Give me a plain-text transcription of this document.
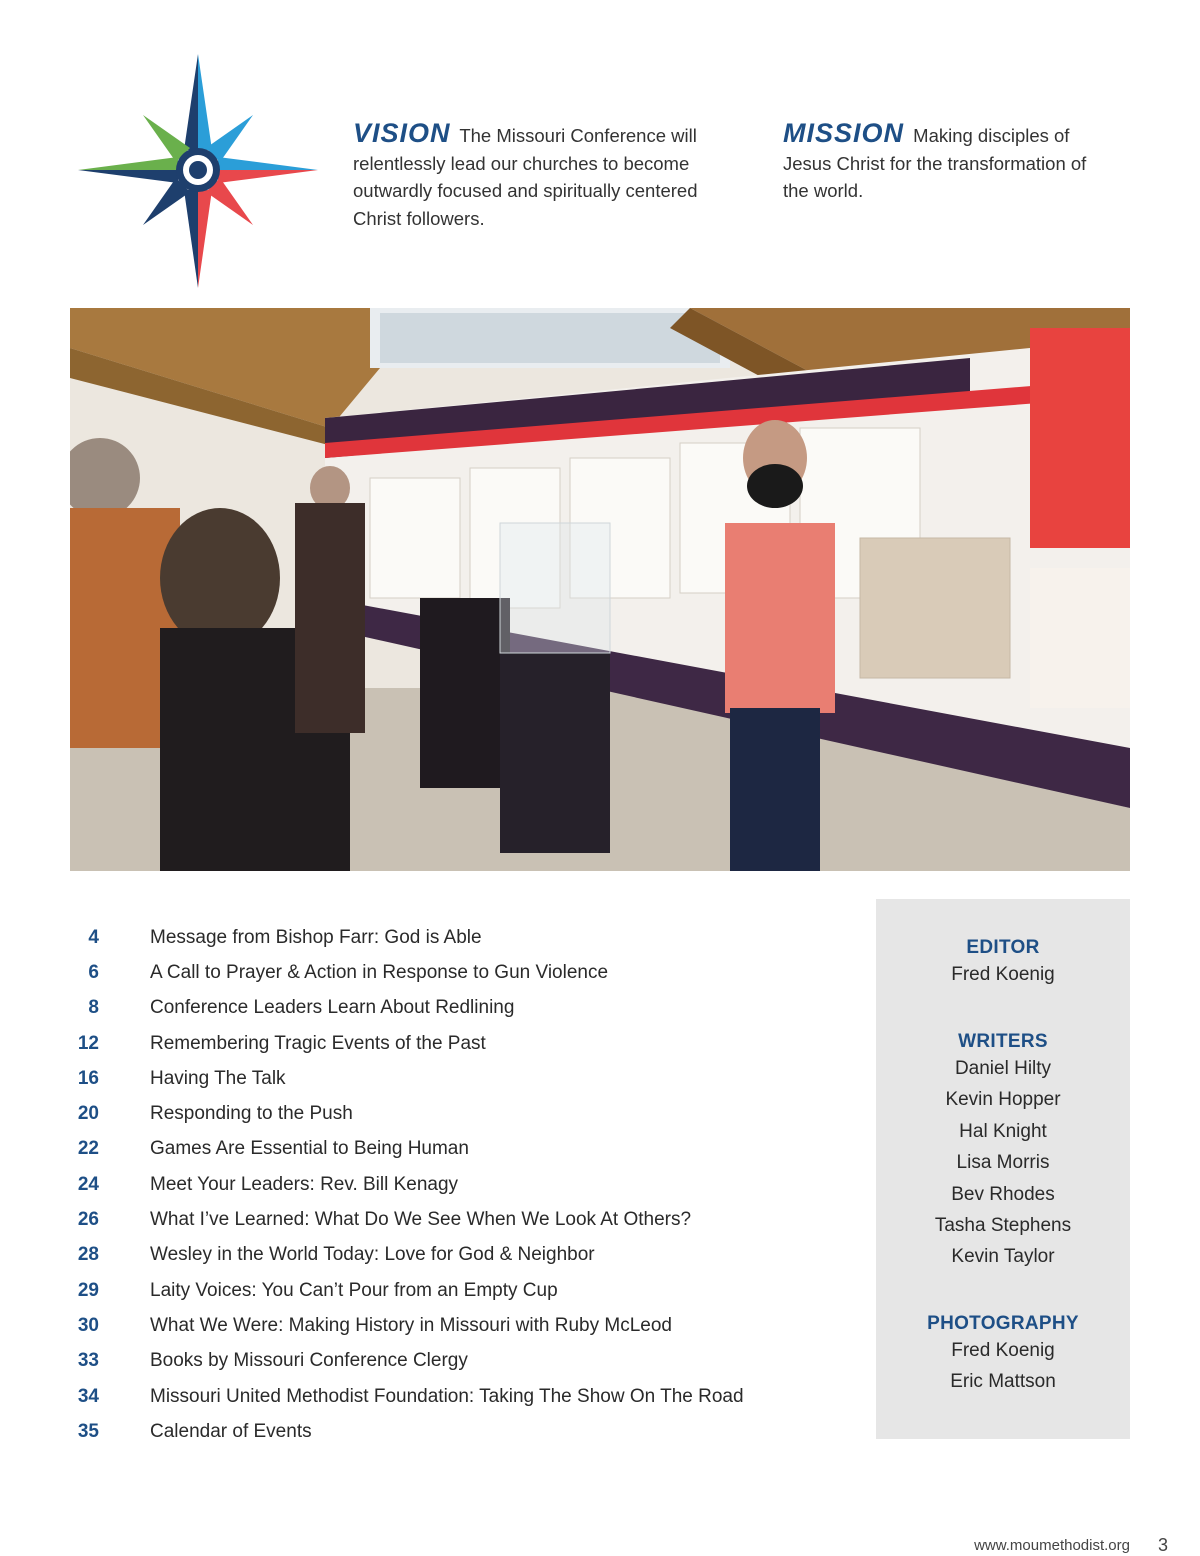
VISION The Missouri Conference will relentlessly lead our churches to become outwardly focused and spiritually centered Christ followers.
MISSION Making disciples of Jesus Christ for the transformation of the world.
4	Message from Bishop Farr: God is Able
6	A Call to Prayer & Action in Response to Gun Violence
8	Conference Leaders Learn About Redlining
12	Remembering Tragic Events of the Past
16	Having The Talk
20	Responding to the Push
22	Games Are Essential to Being Human
24	Meet Your Leaders: Rev. Bill Kenagy
26	What I’ve Learned: What Do We See When We Look At Others?
28	Wesley in the World Today: Love for God & Neighbor
29	Laity Voices: You Can’t Pour from an Empty Cup
30	What We Were: Making History in Missouri with Ruby McLeod
33	Books by Missouri Conference Clergy
34	Missouri United Methodist Foundation: Taking The Show On The Road
35	Calendar of Events
EDITOR
Fred Koenig
WRITERS
Daniel Hilty
Kevin Hopper
Hal Knight
Lisa Morris
Bev Rhodes
Tasha Stephens
Kevin Taylor
PHOTOGRAPHY
Fred Koenig
Eric Mattson
www.moumethodist.org 3
